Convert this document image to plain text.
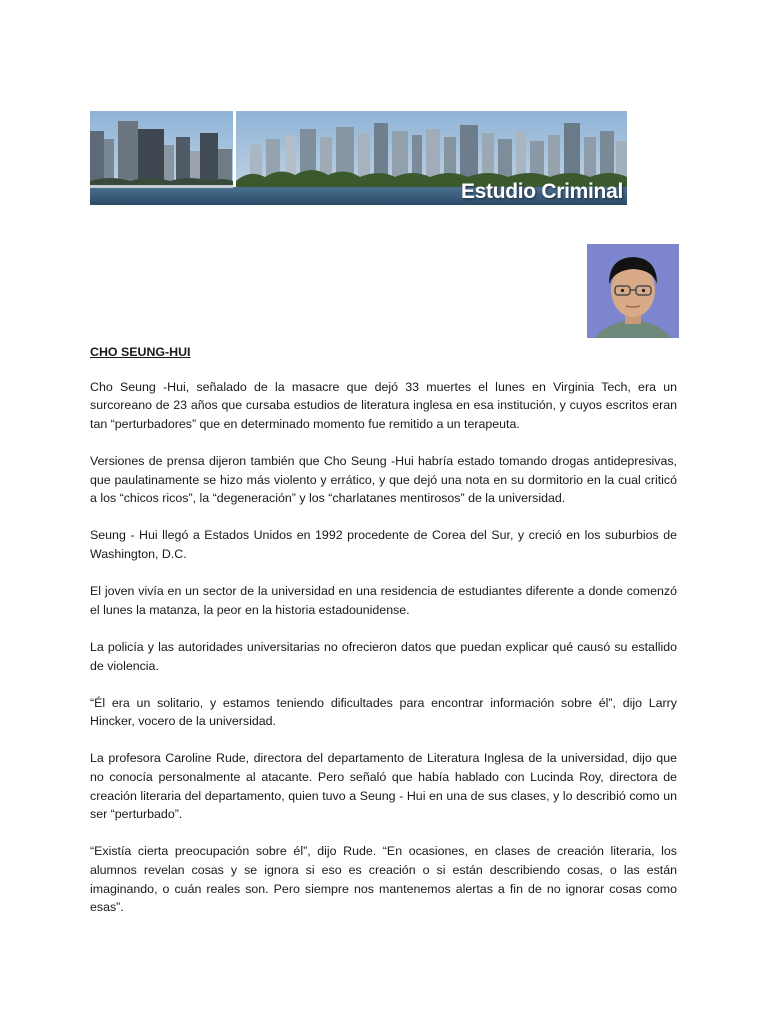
Estudio Criminal
CHO SEUNG-HUI

Cho Seung -Hui, señalado de la masacre que dejó 33 muertes el lunes en Virginia Tech, era un surcoreano de 23 años que cursaba estudios de literatura inglesa en esa institución, y cuyos escritos eran tan “perturbadores” que en determinado momento fue remitido a un terapeuta.

Versiones de prensa dijeron también que Cho Seung -Hui habría estado tomando drogas antidepresivas, que paulatinamente se hizo más violento y errático, y que dejó una nota en su dormitorio en la cual criticó a los “chicos ricos”, la “degeneración” y los “charlatanes mentirosos” de la universidad.

Seung - Hui llegó a Estados Unidos en 1992 procedente de Corea del Sur, y creció en los suburbios de Washington, D.C.

El joven vivía en un sector de la universidad en una residencia de estudiantes diferente a donde comenzó el lunes la matanza, la peor en la historia estadounidense.

La policía y las autoridades universitarias no ofrecieron datos que puedan explicar qué causó su estallido de violencia.

“Él era un solitario, y estamos teniendo dificultades para encontrar información sobre él”, dijo Larry Hincker, vocero de la universidad.

La profesora Caroline Rude, directora del departamento de Literatura Inglesa de la universidad, dijo que no conocía personalmente al atacante. Pero señaló que había hablado con Lucinda Roy, directora de creación literaria del departamento, quien tuvo a Seung - Hui en una de sus clases, y lo describió como un ser “perturbado”.

“Existía cierta preocupación sobre él”, dijo Rude. “En ocasiones, en clases de creación literaria, los alumnos revelan cosas y se ignora si eso es creación o si están describiendo cosas, o las están imaginando, o cuán reales son. Pero siempre nos mantenemos alertas a fin de no ignorar cosas como esas”.
